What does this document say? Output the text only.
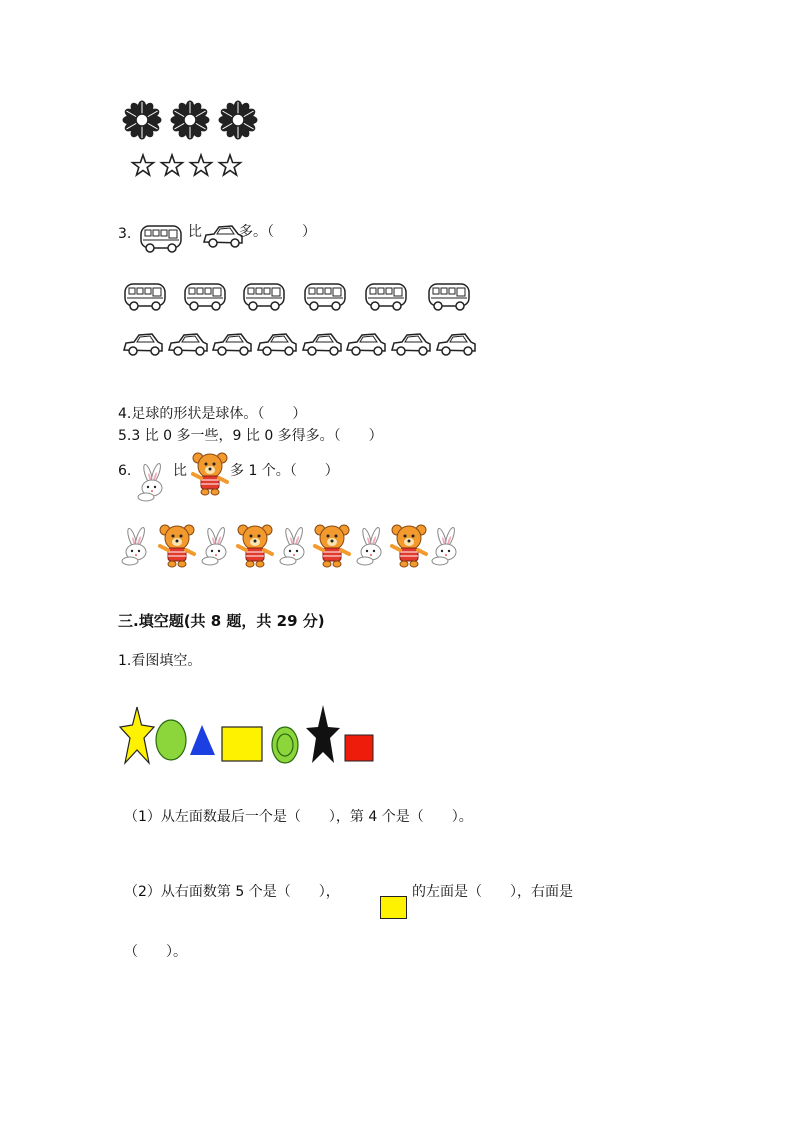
3.	比	多。（　　）
4.足球的形状是球体。（　　）
5.3 比 0 多一些，9 比 0 多得多。（　　）
6.	比	多 1 个。（　　）
三.填空题(共 8 题，共 29 分)
1.看图填空。
（1）从左面数最后一个是（　　），第 4 个是（　　）。
（2）从右面数第 5 个是（　　），	的左面是（　　），右面是
（　　）。
